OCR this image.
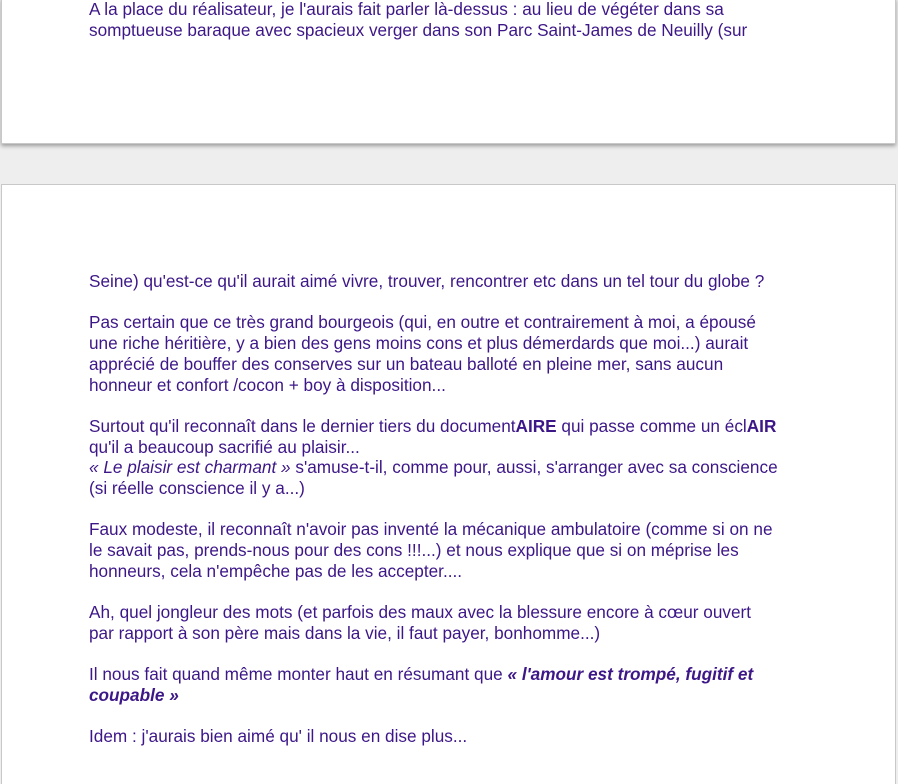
A la place du réalisateur, je l'aurais fait parler là-dessus : au lieu de végéter dans sa
somptueuse baraque avec spacieux verger dans son Parc Saint-James de Neuilly (sur
Seine) qu'est-ce qu'il aurait aimé vivre, trouver, rencontrer etc dans un tel tour du globe ?
Pas certain que ce très grand bourgeois (qui, en outre et contrairement à moi, a épousé
une riche héritière, y a bien des gens moins cons et plus démerdards que moi...) aurait
apprécié de bouffer des conserves sur un bateau balloté en pleine mer, sans aucun
honneur et confort /cocon + boy à disposition...
Surtout qu'il reconnaît dans le dernier tiers du documentAIRE qui passe comme un éclAIR
qu'il a beaucoup sacrifié au plaisir...
« Le plaisir est charmant » s'amuse-t-il, comme pour, aussi, s'arranger avec sa conscience
(si réelle conscience il y a...)
Faux modeste, il reconnaît n'avoir pas inventé la mécanique ambulatoire (comme si on ne
le savait pas, prends-nous pour des cons !!!...) et nous explique que si on méprise les
honneurs, cela n'empêche pas de les accepter....
Ah, quel jongleur des mots (et parfois des maux avec la blessure encore à cœur ouvert
par rapport à son père mais dans la vie, il faut payer, bonhomme...)
Il nous fait quand même monter haut en résumant que « l'amour est trompé, fugitif et
coupable »
Idem : j'aurais bien aimé qu' il nous en dise plus...
